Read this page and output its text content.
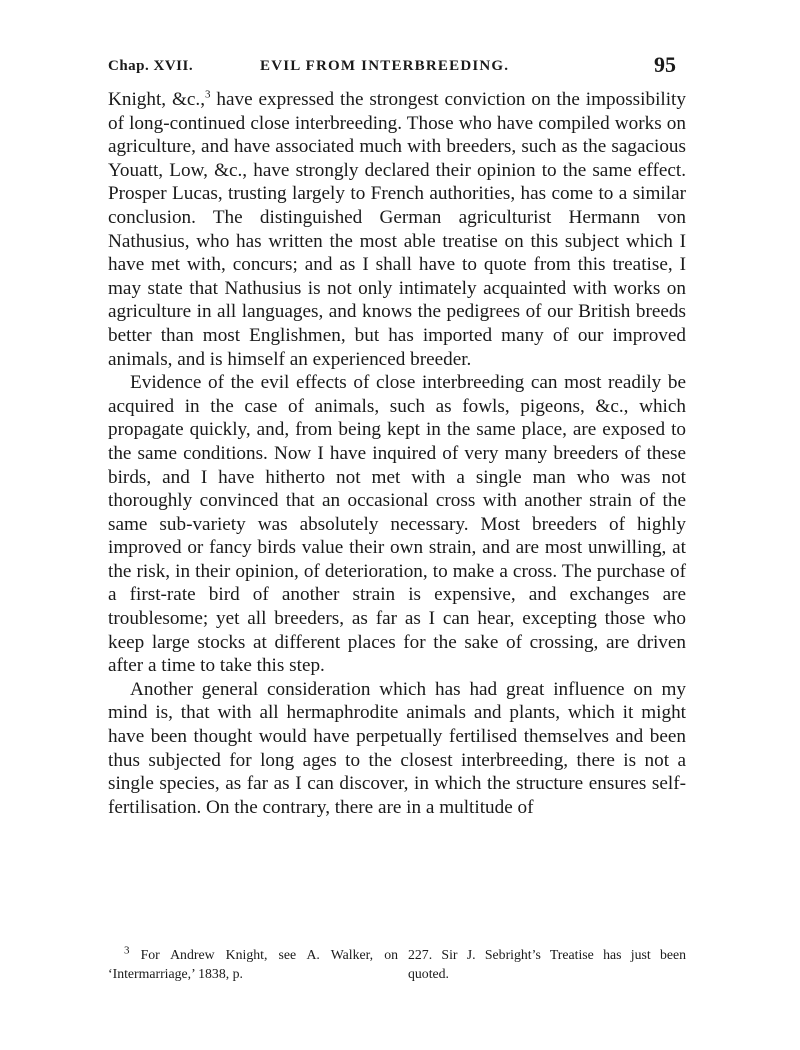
Chap. XVII.	EVIL FROM INTERBREEDING.	95

Knight, &c.,$^3$ have expressed the strongest conviction on the impossibility of long-continued close interbreeding. Those who have compiled works on agriculture, and have associated much with breeders, such as the sagacious Youatt, Low, &c., have strongly declared their opinion to the same effect. Prosper Lucas, trusting largely to French authorities, has come to a similar conclusion. The distinguished German agriculturist Hermann von Nathusius, who has written the most able treatise on this subject which I have met with, concurs; and as I shall have to quote from this treatise, I may state that Nathusius is not only intimately acquainted with works on agriculture in all languages, and knows the pedigrees of our British breeds better than most Englishmen, but has imported many of our improved animals, and is himself an experienced breeder.

Evidence of the evil effects of close interbreeding can most readily be acquired in the case of animals, such as fowls, pigeons, &c., which propagate quickly, and, from being kept in the same place, are exposed to the same conditions. Now I have inquired of very many breeders of these birds, and I have hitherto not met with a single man who was not thoroughly convinced that an occasional cross with another strain of the same sub-variety was absolutely necessary. Most breeders of highly improved or fancy birds value their own strain, and are most unwilling, at the risk, in their opinion, of deterioration, to make a cross. The purchase of a first-rate bird of another strain is expensive, and exchanges are troublesome; yet all breeders, as far as I can hear, excepting those who keep large stocks at different places for the sake of crossing, are driven after a time to take this step.

Another general consideration which has had great influence on my mind is, that with all hermaphrodite animals and plants, which it might have been thought would have perpetually fertilised themselves and been thus subjected for long ages to the closest interbreeding, there is not a single species, as far as I can discover, in which the structure ensures self-fertilisation. On the contrary, there are in a multitude of

$^3$ For Andrew Knight, see A. Walker, on ‘Intermarriage,’ 1838, p.
227. Sir J. Sebright’s Treatise has just been quoted.
